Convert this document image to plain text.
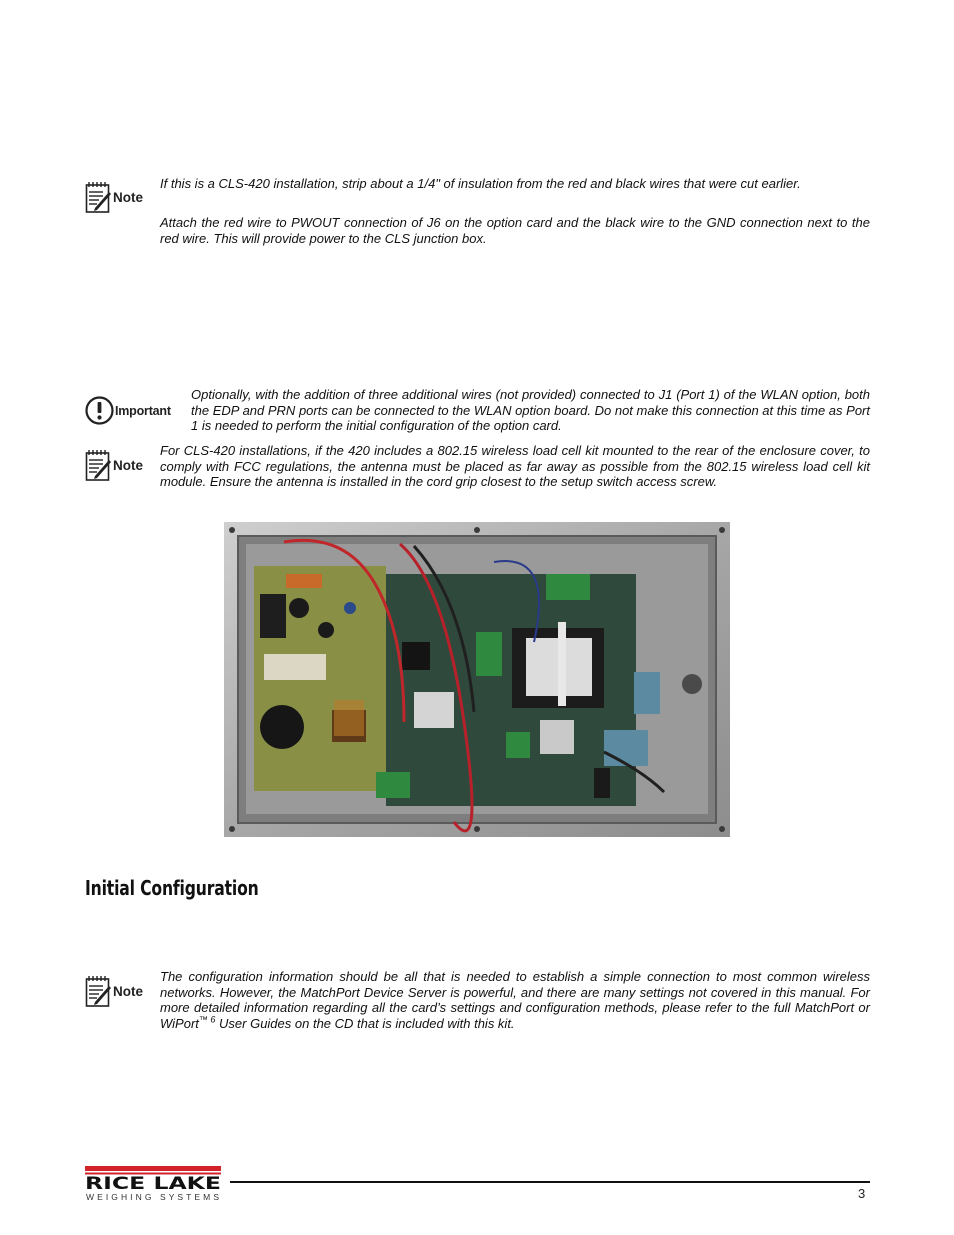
Note

If this is a CLS-420 installation, strip about a 1/4" of insulation from the red and black wires that were cut earlier.

Attach the red wire to PWOUT connection of J6 on the option card and the black wire to the GND connection next to the red wire. This will provide power to the CLS junction box.

Important

Optionally, with the addition of three additional wires (not provided) connected to J1 (Port 1) of the WLAN option, both the EDP and PRN ports can be connected to the WLAN option board. Do not make this connection at this time as Port 1 is needed to perform the initial configuration of the option card.

Note

For CLS-420 installations, if the 420 includes a 802.15 wireless load cell kit mounted to the rear of the enclosure cover, to comply with FCC regulations, the antenna must be placed as far away as possible from the 802.15 wireless load cell kit module. Ensure the antenna is installed in the cord grip closest to the setup switch access screw.

Initial Configuration
Note

The configuration information should be all that is needed to establish a simple connection to most common wireless networks. However, the MatchPort Device Server is powerful, and there are many settings not covered in this manual. For more detailed information regarding all the card’s settings and configuration methods, please refer to the full MatchPort or WiPort$^{™ 6}$ User Guides on the CD that is included with this kit.

RICE LAKE
WEIGHING SYSTEMS	3
